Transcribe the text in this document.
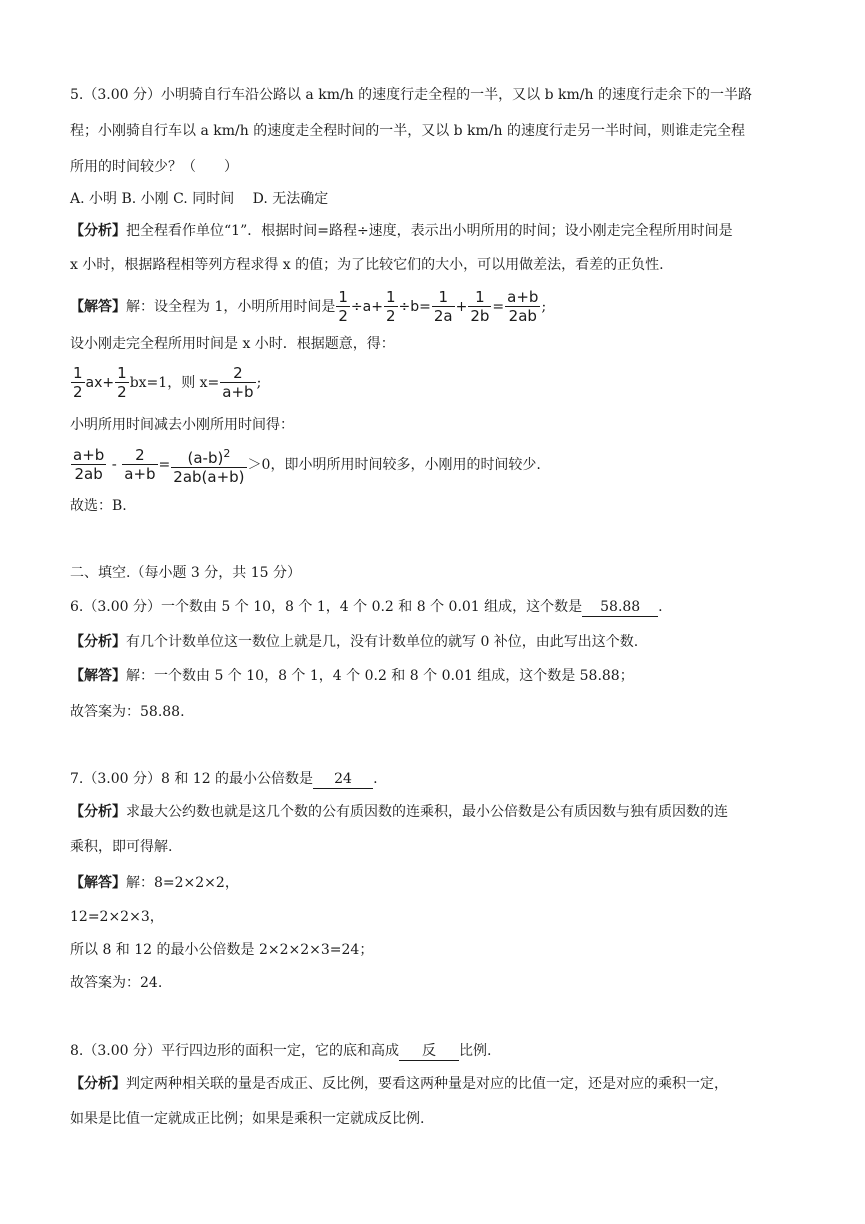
5.（3.00 分）小明骑自行车沿公路以 a km/h 的速度行走全程的一半，又以 b km/h 的速度行走余下的一半路
程；小刚骑自行车以 a km/h 的速度走全程时间的一半，又以 b km/h 的速度行走另一半时间，则谁走完全程
所用的时间较少？（　　）
A. 小明 B. 小刚 C. 同时间　 D. 无法确定
【分析】把全程看作单位“1”．根据时间=路程÷速度，表示出小明所用的时间；设小刚走完全程所用时间是
x 小时，根据路程相等列方程求得 x 的值；为了比较它们的大小，可以用做差法，看差的正负性.
【解答】解：设全程为 1，小明所用时间是 $\frac{1}{2} \div a+ \frac{1}{2} \div b= \frac{1}{2a} + \frac{1}{2b} = \frac{a+b}{2ab}$ ;
设小刚走完全程所用时间是 x 小时．根据题意，得：
$\frac{1}{2} ax+ \frac{1}{2} bx=1$，则 $x= \frac{2}{a+b}$ ;
小明所用时间减去小刚所用时间得：
$\frac{a+b}{2ab} - \frac{2}{a+b} = \frac{(a-b)^2}{2ab(a+b)} >0$，即小明所用时间较多，小刚用的时间较少.
故选：B.
二、填空.（每小题 3 分，共 15 分）
6.（3.00 分）一个数由 5 个 10，8 个 1，4 个 0.2 和 8 个 0.01 组成，这个数是 58.88 .
【分析】有几个计数单位这一数位上就是几，没有计数单位的就写 0 补位，由此写出这个数.
【解答】解：一个数由 5 个 10，8 个 1，4 个 0.2 和 8 个 0.01 组成，这个数是 58.88；
故答案为：58.88.
7.（3.00 分）8 和 12 的最小公倍数是 24 .
【分析】求最大公约数也就是这几个数的公有质因数的连乘积，最小公倍数是公有质因数与独有质因数的连
乘积，即可得解.
【解答】解：8=2×2×2，
12=2×2×3，
所以 8 和 12 的最小公倍数是 2×2×2×3=24；
故答案为：24.
8.（3.00 分）平行四边形的面积一定，它的底和高成 反 比例.
【分析】判定两种相关联的量是否成正、反比例，要看这两种量是对应的比值一定，还是对应的乘积一定，
如果是比值一定就成正比例；如果是乘积一定就成反比例.
